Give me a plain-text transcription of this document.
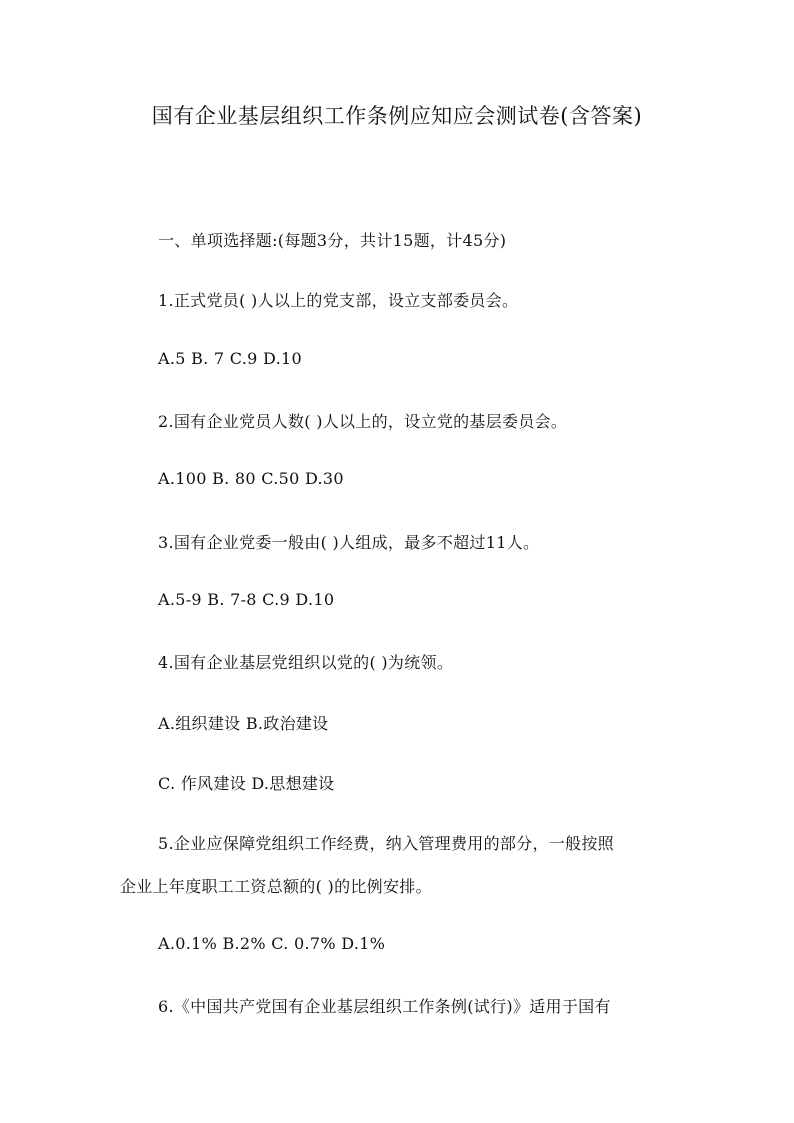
国有企业基层组织工作条例应知应会测试卷(含答案)
一、单项选择题:(每题3分，共计15题，计45分)
1.正式党员( )人以上的党支部，设立支部委员会。
A.5 B. 7 C.9 D.10
2.国有企业党员人数( )人以上的，设立党的基层委员会。
A.100 B. 80 C.50 D.30
3.国有企业党委一般由( )人组成，最多不超过11人。
A.5-9 B. 7-8 C.9 D.10
4.国有企业基层党组织以党的( )为统领。
A.组织建设 B.政治建设
C. 作风建设 D.思想建设
5.企业应保障党组织工作经费，纳入管理费用的部分，一般按照
企业上年度职工工资总额的( )的比例安排。
A.0.1% B.2% C. 0.7% D.1%
6.《中国共产党国有企业基层组织工作条例(试行)》适用于国有
